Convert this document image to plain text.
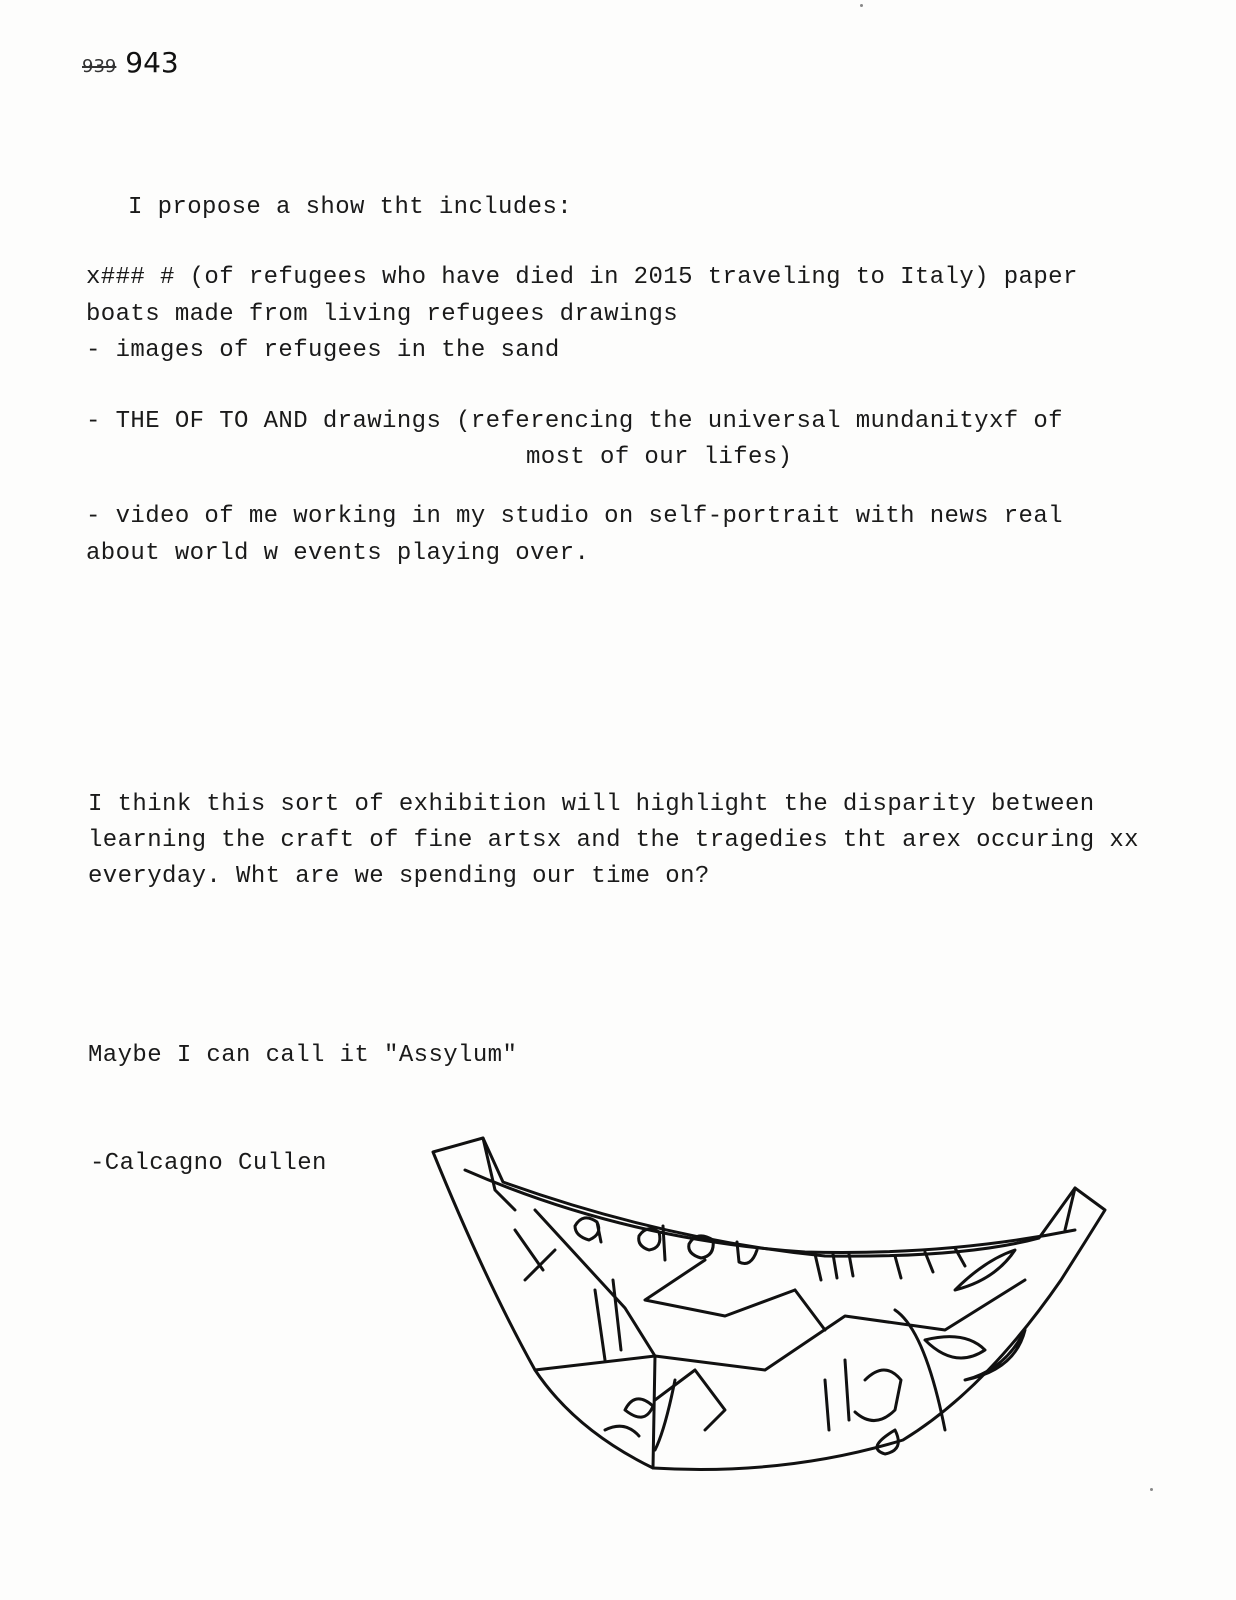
939 943
I propose a show tht includes:
x### # (of refugees who have died in 2015 traveling to Italy) paper
boats made from living refugees drawings
- images of refugees in the sand
- THE OF TO AND drawings (referencing the universal mundanityxf of
most of our lifes)
- video of me working in my studio on self-portrait with news real
about world w events playing over.
I think this sort of exhibition will highlight the disparity between
learning the craft of fine artsx and the tragedies tht arex occuring xx
everyday. Wht are we spending our time on?
Maybe I can call it "Assylum"
-Calcagno Cullen
